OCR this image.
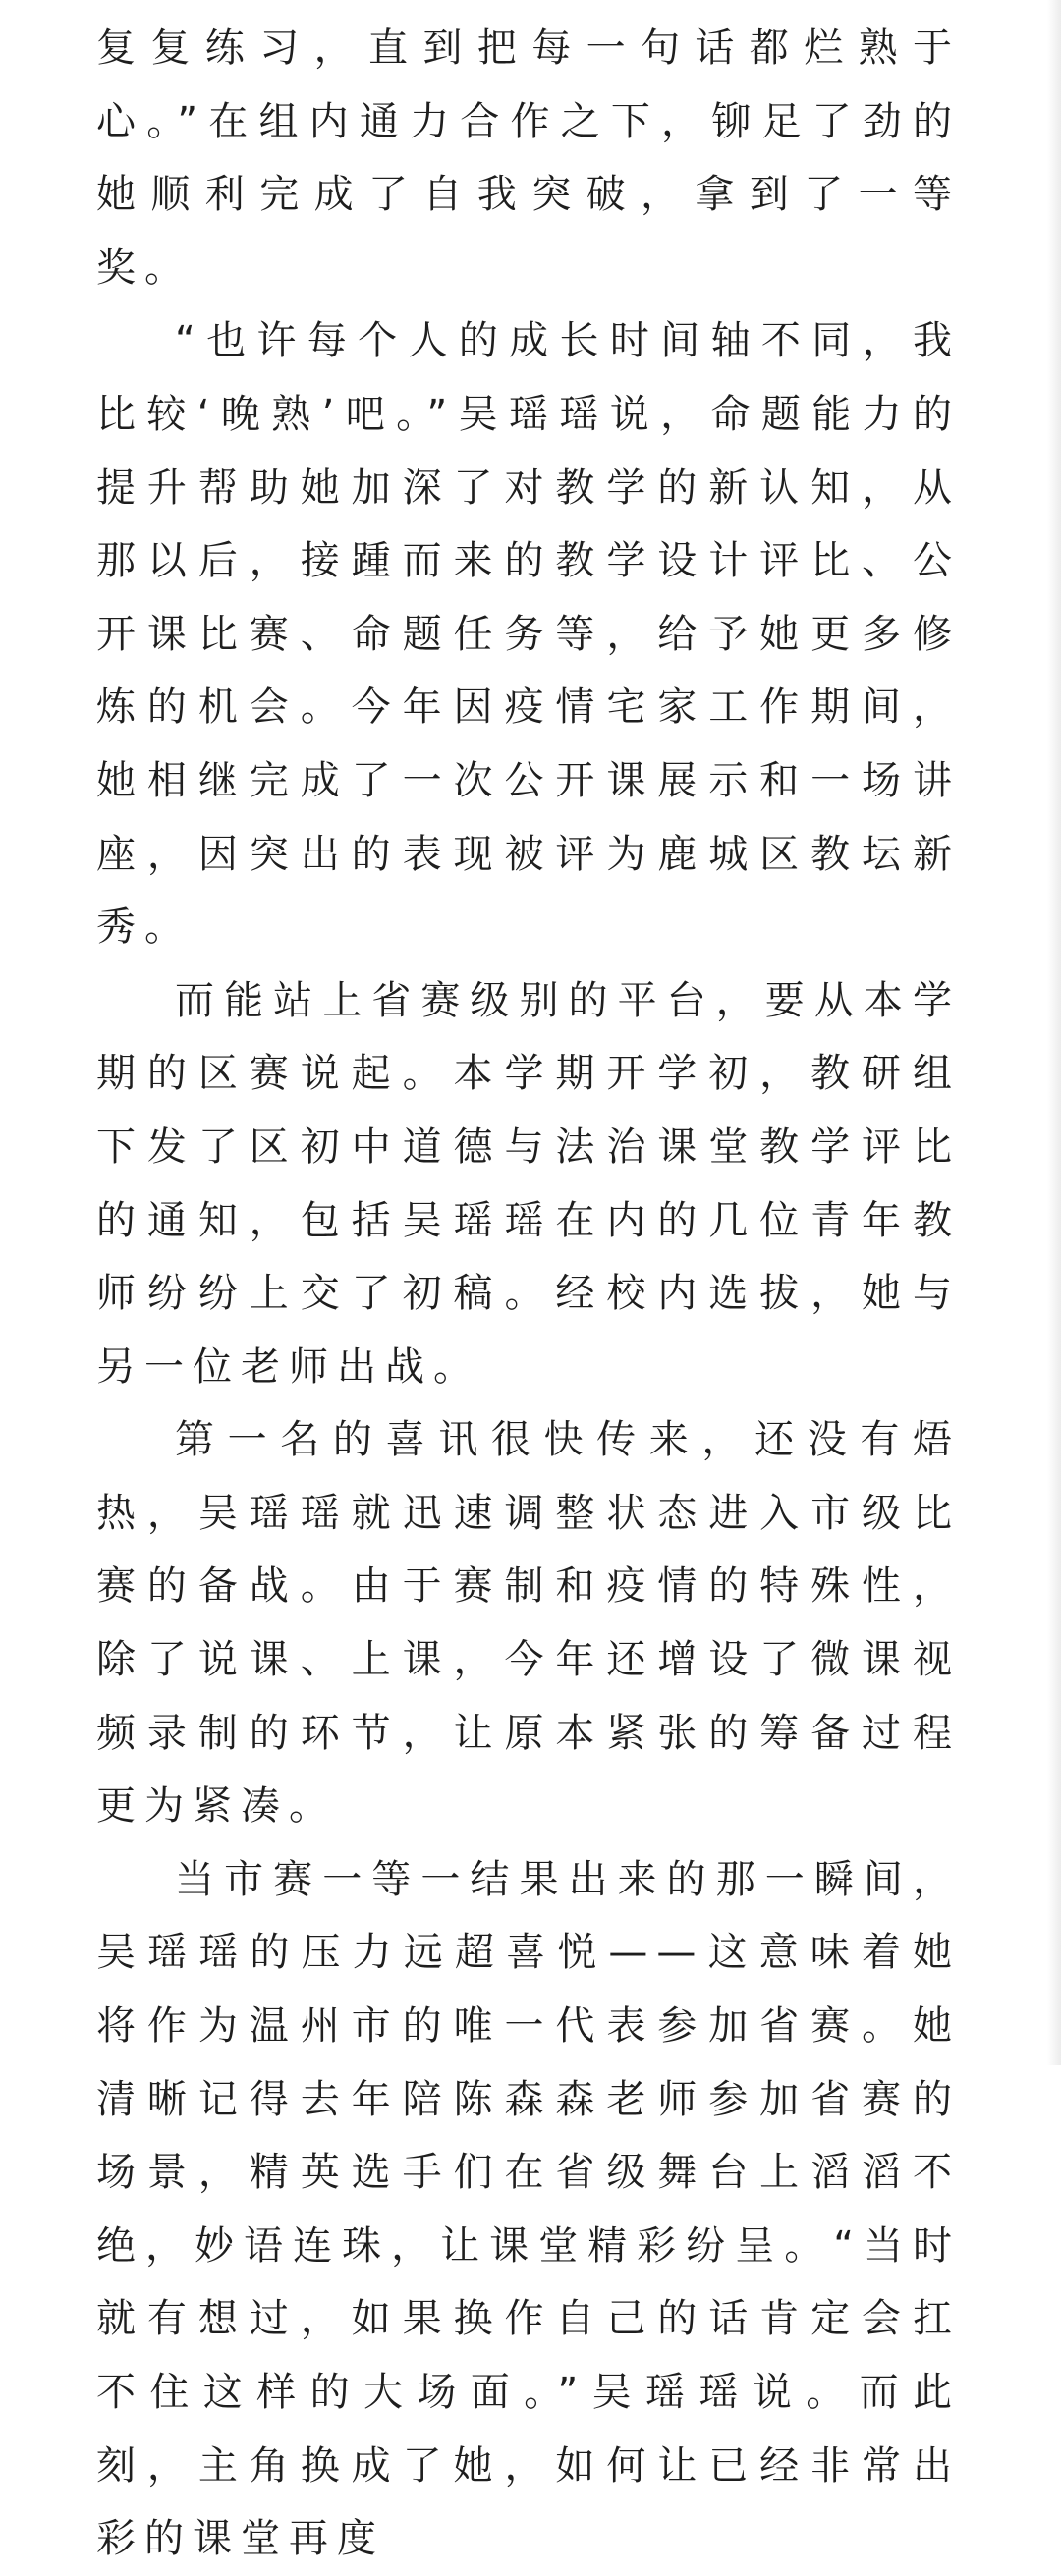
复复练习，直到把每一句话都烂熟于心。”在组内通力合作之下，铆足了劲的她顺利完成了自我突破，拿到了一等奖。

“也许每个人的成长时间轴不同，我比较‘晚熟’吧。”吴瑶瑶说，命题能力的提升帮助她加深了对教学的新认知，从那以后，接踵而来的教学设计评比、公开课比赛、命题任务等，给予她更多修炼的机会。今年因疫情宅家工作期间，她相继完成了一次公开课展示和一场讲座，因突出的表现被评为鹿城区教坛新秀。

而能站上省赛级别的平台，要从本学期的区赛说起。本学期开学初，教研组下发了区初中道德与法治课堂教学评比的通知，包括吴瑶瑶在内的几位青年教师纷纷上交了初稿。经校内选拔，她与另一位老师出战。

第一名的喜讯很快传来，还没有焐热，吴瑶瑶就迅速调整状态进入市级比赛的备战。由于赛制和疫情的特殊性，除了说课、上课，今年还增设了微课视频录制的环节，让原本紧张的筹备过程更为紧凑。

当市赛一等一结果出来的那一瞬间，吴瑶瑶的压力远超喜悦——这意味着她将作为温州市的唯一代表参加省赛。她清晰记得去年陪陈森森老师参加省赛的场景，精英选手们在省级舞台上滔滔不绝，妙语连珠，让课堂精彩纷呈。“当时就有想过，如果换作自己的话肯定会扛不住这样的大场面。”吴瑶瑶说。而此刻，主角换成了她，如何让已经非常出彩的课堂再度
